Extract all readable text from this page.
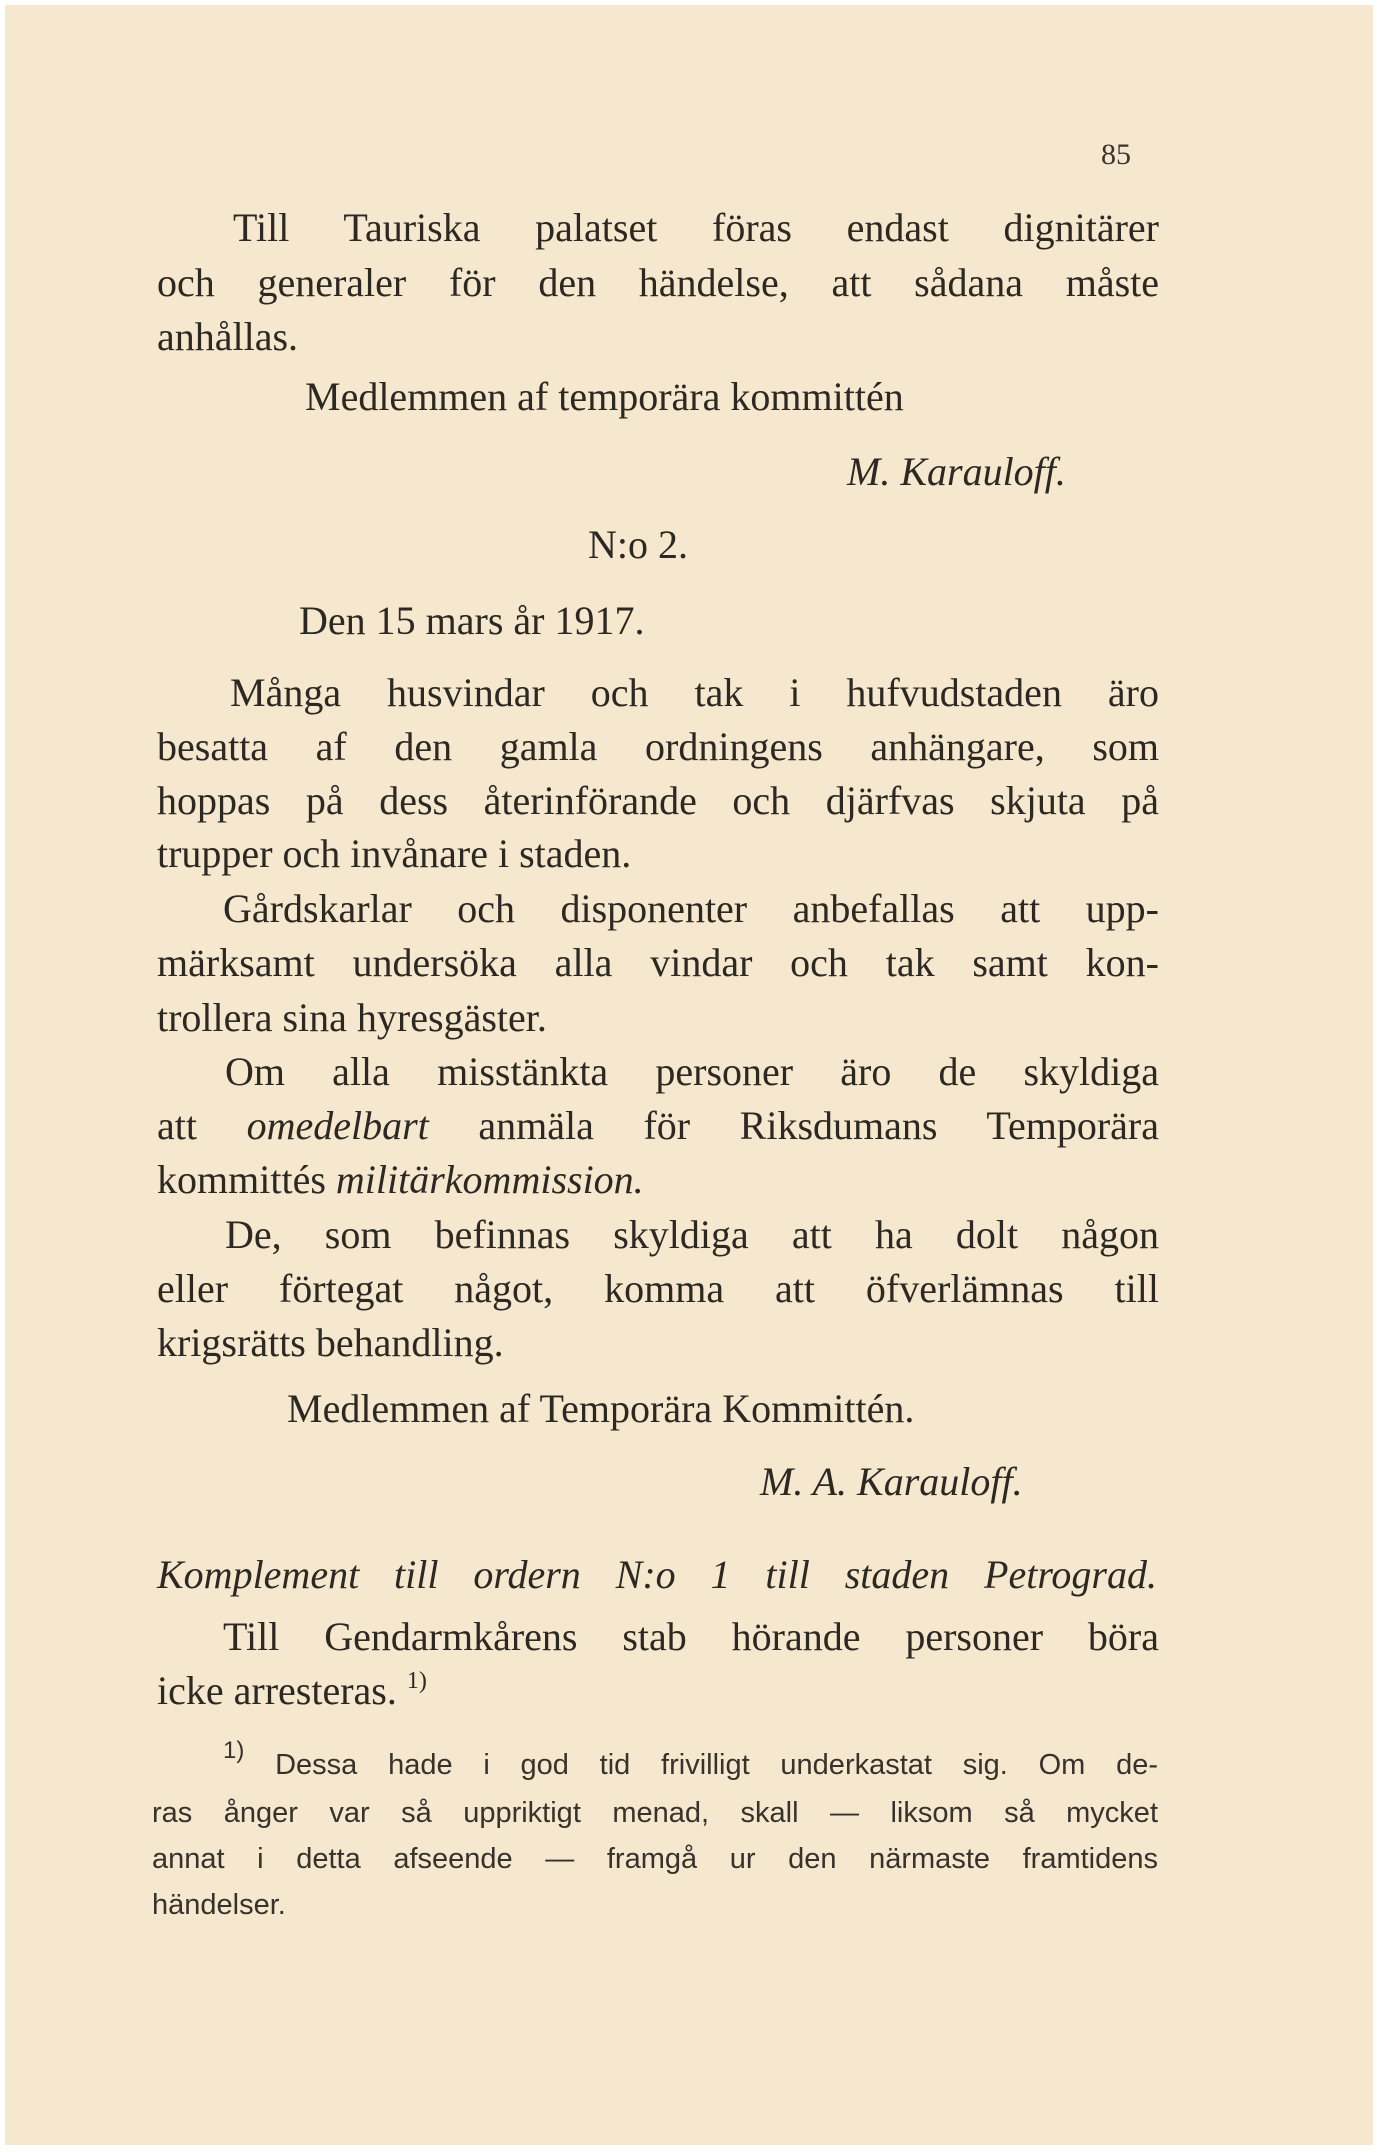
85
Till Tauriska palatset föras endast dignitärer
och generaler för den händelse, att sådana måste
anhållas.
Medlemmen af temporära kommittén
M. Karauloff.
N:o 2.
Den 15 mars år 1917.
Många husvindar och tak i hufvudstaden äro
besatta af den gamla ordningens anhängare, som
hoppas på dess återinförande och djärfvas skjuta på
trupper och invånare i staden.
Gårdskarlar och disponenter anbefallas att upp-
märksamt undersöka alla vindar och tak samt kon-
trollera sina hyresgäster.
Om alla misstänkta personer äro de skyldiga
att omedelbart anmäla för Riksdumans Temporära
kommittés militärkommission.
De, som befinnas skyldiga att ha dolt någon
eller förtegat något, komma att öfverlämnas till
krigsrätts behandling.
Medlemmen af Temporära Kommittén.
M. A. Karauloff.
Komplement till ordern N:o 1 till staden Petrograd.
Till Gendarmkårens stab hörande personer böra
icke arresteras. $^{1)}$
$^{1)}$ Dessa hade i god tid frivilligt underkastat sig. Om de-
ras ånger var så uppriktigt menad, skall — liksom så mycket
annat i detta afseende — framgå ur den närmaste framtidens
händelser.
